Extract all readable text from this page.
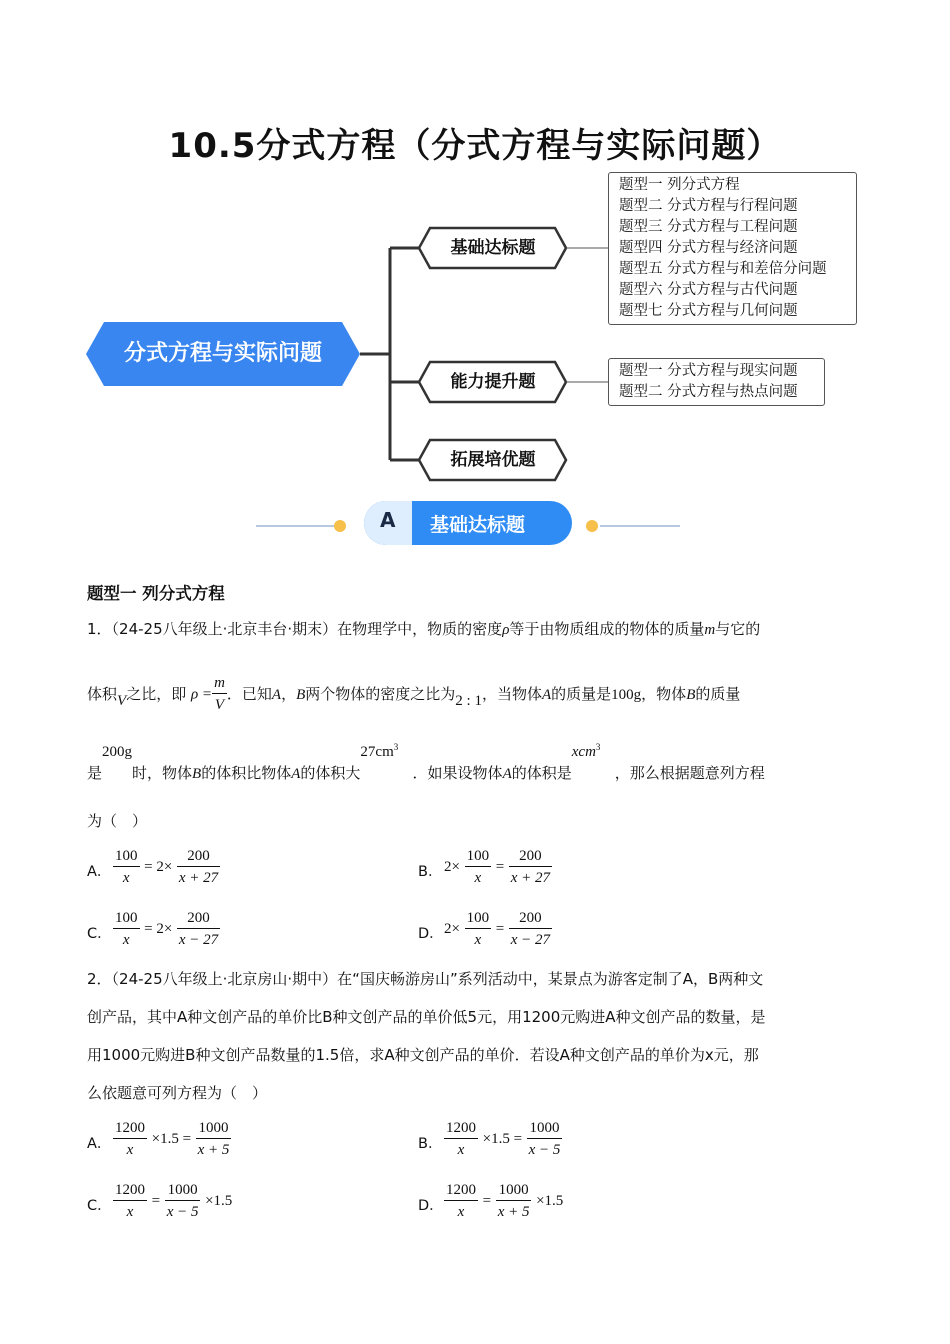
10.5分式方程（分式方程与实际问题）
分式方程与实际问题
基础达标题
能力提升题
拓展培优题
题型一 列分式方程
题型二 分式方程与行程问题
题型三 分式方程与工程问题
题型四 分式方程与经济问题
题型五 分式方程与和差倍分问题
题型六 分式方程与古代问题
题型七 分式方程与几何问题
题型一 分式方程与现实问题
题型二 分式方程与热点问题
A 基础达标题
题型一 列分式方程
1．（24-25八年级上·北京丰台·期末）在物理学中，物质的密度ρ等于由物质组成的物体的质量m与它的
体积V之比，即 $\rho = \frac{m}{V}$ ．已知A，B两个物体的密度之比为2 : 1，当物体A的质量是100g，物体B的质量
是200g时，物体B的体积比物体A的体积大$27cm^3$   ．如果设物体A的体积是xcm$^3$   ，那么根据题意列方程
为（　）
A． $\frac{100}{x} = 2\times \frac{200}{x + 27}$	B． $2\times \frac{100}{x} = \frac{200}{x + 27}$
C． $\frac{100}{x} = 2\times \frac{200}{x - 27}$	D． $2\times \frac{100}{x} = \frac{200}{x - 27}$
2．（24-25八年级上·北京房山·期中）在“国庆畅游房山”系列活动中，某景点为游客定制了A，B两种文
创产品，其中A种文创产品的单价比B种文创产品的单价低5元，用1200元购进A种文创产品的数量，是
用1000元购进B种文创产品数量的1.5倍，求A种文创产品的单价．若设A种文创产品的单价为x元，那
么依题意可列方程为（　）
A． $\frac{1200}{x} \times 1.5 = \frac{1000}{x + 5}$	B． $\frac{1200}{x} \times 1.5 = \frac{1000}{x - 5}$
C． $\frac{1200}{x} = \frac{1000}{x - 5} \times 1.5$	D． $\frac{1200}{x} = \frac{1000}{x + 5} \times 1.5$
